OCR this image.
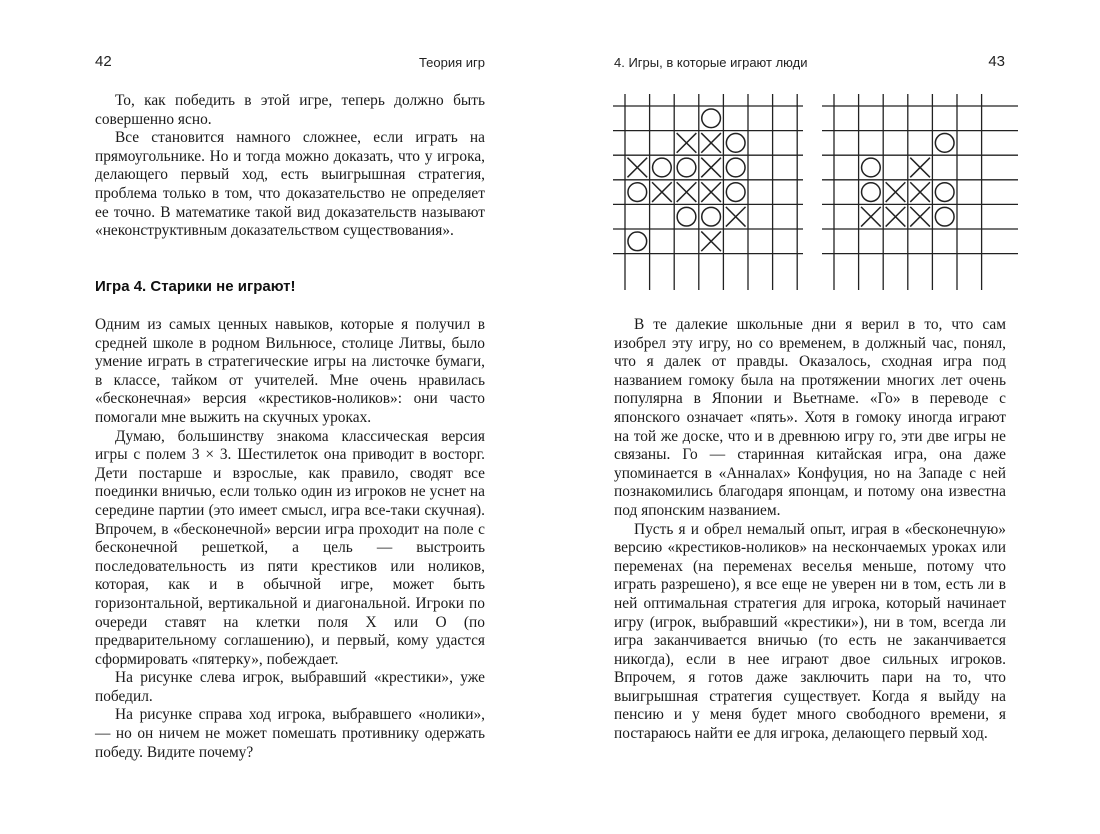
42	Теория игр

То, как победить в этой игре, теперь должно быть совершенно ясно.

Все становится намного сложнее, если играть на прямоугольнике. Но и тогда можно доказать, что у игрока, делающего первый ход, есть выигрышная стратегия, проблема только в том, что доказательство не определяет ее точно. В математике такой вид доказательств называют «неконструктивным доказательством существования».

Игра 4. Старики не играют!

Одним из самых ценных навыков, которые я получил в средней школе в родном Вильнюсе, столице Литвы, было умение играть в стратегические игры на листочке бумаги, в классе, тайком от учителей. Мне очень нравилась «бесконечная» версия «крестиков-ноликов»: они часто помогали мне выжить на скучных уроках.

Думаю, большинству знакома классическая версия игры с полем 3 × 3. Шестилеток она приводит в восторг. Дети постарше и взрослые, как правило, сводят все поединки вничью, если только один из игроков не уснет на середине партии (это имеет смысл, игра все-таки скучная). Впрочем, в «бесконечной» версии игра проходит на поле с бесконечной решеткой, а цель — выстроить последовательность из пяти крестиков или ноликов, которая, как и в обычной игре, может быть горизонтальной, вертикальной и диагональной. Игроки по очереди ставят на клетки поля X или O (по предварительному соглашению), и первый, кому удастся сформировать «пятерку», побеждает.

На рисунке слева игрок, выбравший «крестики», уже победил.

На рисунке справа ход игрока, выбравшего «нолики», — но он ничем не может помешать противнику одержать победу. Видите почему?

4. Игры, в которые играют люди	43

В те далекие школьные дни я верил в то, что сам изобрел эту игру, но со временем, в должный час, понял, что я далек от правды. Оказалось, сходная игра под названием гомоку была на протяжении многих лет очень популярна в Японии и Вьетнаме. «Го» в переводе с японского означает «пять». Хотя в гомоку иногда играют на той же доске, что и в древнюю игру го, эти две игры не связаны. Го — старинная китайская игра, она даже упоминается в «Анналах» Конфуция, но на Западе с ней познакомились благодаря японцам, и потому она известна под японским названием.

Пусть я и обрел немалый опыт, играя в «бесконечную» версию «крестиков-ноликов» на нескончаемых уроках или переменах (на переменах веселья меньше, потому что играть разрешено), я все еще не уверен ни в том, есть ли в ней оптимальная стратегия для игрока, который начинает игру (игрок, выбравший «крестики»), ни в том, всегда ли игра заканчивается вничью (то есть не заканчивается никогда), если в нее играют двое сильных игроков. Впрочем, я готов даже заключить пари на то, что выигрышная стратегия существует. Когда я выйду на пенсию и у меня будет много свободного времени, я постараюсь найти ее для игрока, делающего первый ход.
